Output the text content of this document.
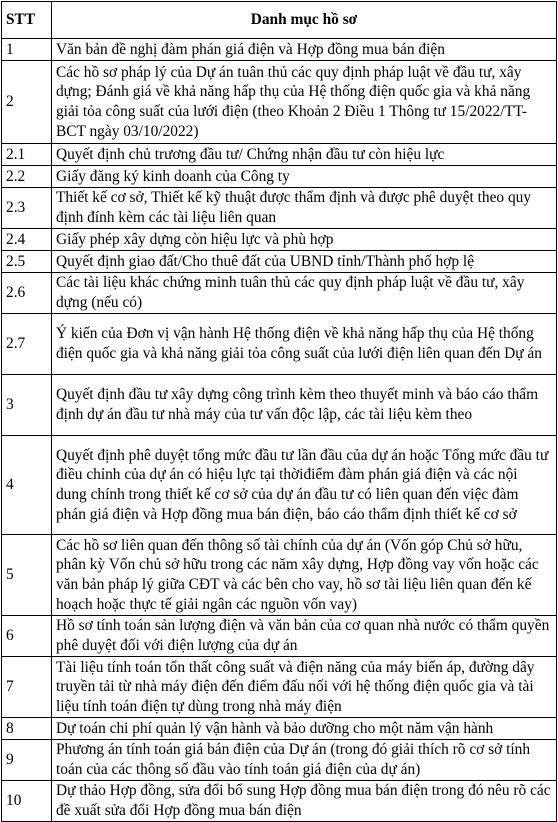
STT	Danh mục hồ sơ
1	Văn bản đề nghị đàm phán giá điện và Hợp đồng mua bán điện
2	Các hồ sơ pháp lý của Dự án tuân thủ các quy định pháp luật về đầu tư, xây dựng; Đánh giá về khả năng hấp thụ của Hệ thống điện quốc gia và khả năng giải tỏa công suất của lưới điện (theo Khoản 2 Điều 1 Thông tư 15/2022/TT-BCT ngày 03/10/2022)
2.1	Quyết định chủ trương đầu tư/ Chứng nhận đầu tư còn hiệu lực
2.2	Giấy đăng ký kinh doanh của Công ty
2.3	Thiết kế cơ sở, Thiết kế kỹ thuật được thẩm định và được phê duyệt theo quy định đính kèm các tài liệu liên quan
2.4	Giấy phép xây dựng còn hiệu lực và phù hợp
2.5	Quyết định giao đất/Cho thuê đất của UBND tỉnh/Thành phố hợp lệ
2.6	Các tài liệu khác chứng minh tuân thủ các quy định pháp luật về đầu tư, xây dựng (nếu có)
2.7	Ý kiến của Đơn vị vận hành Hệ thống điện về khả năng hấp thụ của Hệ thống điện quốc gia và khả năng giải tỏa công suất của lưới điện liên quan đến Dự án
3	Quyết định đầu tư xây dựng công trình kèm theo thuyết minh và báo cáo thẩm định dự án đầu tư nhà máy của tư vấn độc lập, các tài liệu kèm theo
4	Quyết định phê duyệt tổng mức đầu tư lần đầu của dự án hoặc Tổng mức đầu tư điều chỉnh của dự án có hiệu lực tại thờiđiểm đàm phán giá điện và các nội dung chính trong thiết kế cơ sở của dự án đầu tư có liên quan đến việc đàm phán giá điện và Hợp đồng mua bán điện, báo cáo thẩm định thiết kế cơ sở
5	Các hồ sơ liên quan đến thông số tài chính của dự án (Vốn góp Chủ sở hữu, phân kỳ Vốn chủ sở hữu trong các năm xây dựng, Hợp đồng vay vốn hoặc các văn bản pháp lý giữa CĐT và các bên cho vay, hồ sơ tài liệu liên quan đến kế hoạch hoặc thực tế giải ngân các nguồn vốn vay)
6	Hồ sơ tính toán sản lượng điện và văn bản của cơ quan nhà nước có thẩm quyền phê duyệt đối với điện lượng của dự án
7	Tài liệu tính toán tổn thất công suất và điện năng của máy biến áp, đường dây truyền tải từ nhà máy điện đến điểm đấu nối với hệ thống điện quốc gia và tài liệu tính toán điện tự dùng trong nhà máy điện
8	Dự toán chi phí quản lý vận hành và bảo dưỡng cho một năm vận hành
9	Phương án tính toán giá bán điện của Dự án (trong đó giải thích rõ cơ sở tính toán của các thông số đầu vào tính toán giá điện của dự án)
10	Dự thảo Hợp đồng, sửa đổi bổ sung Hợp đồng mua bán điện trong đó nêu rõ các đề xuất sửa đổi Hợp đồng mua bán điện
